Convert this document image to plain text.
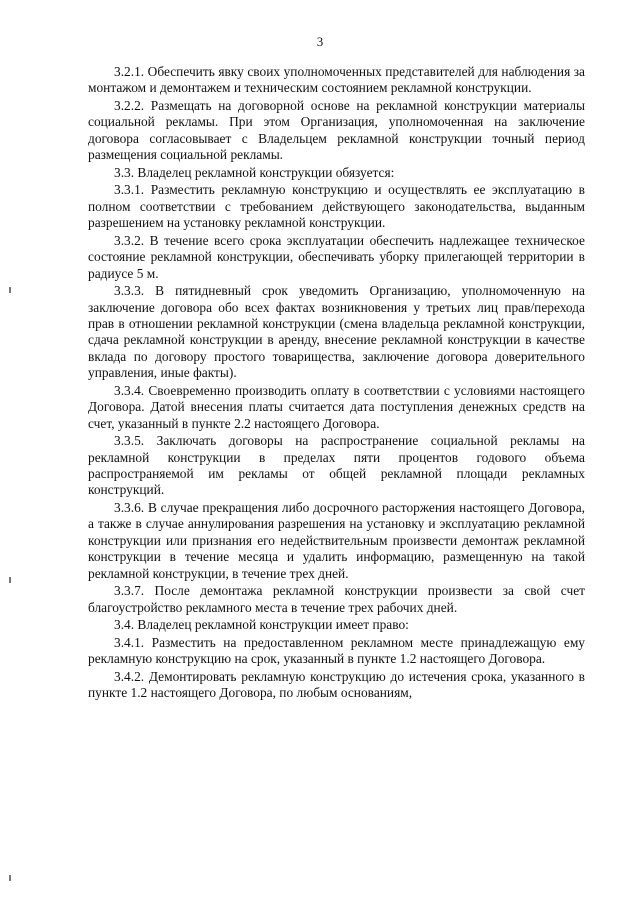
3

3.2.1. Обеспечить явку своих уполномоченных представителей для наблюдения за монтажом и демонтажем и техническим состоянием рекламной конструкции.

3.2.2. Размещать на договорной основе на рекламной конструкции материалы социальной рекламы. При этом Организация, уполномоченная на заключение договора согласовывает с Владельцем рекламной конструкции точный период размещения социальной рекламы.

3.3. Владелец рекламной конструкции обязуется:

3.3.1. Разместить рекламную конструкцию и осуществлять ее эксплуатацию в полном соответствии с требованием действующего законодательства, выданным разрешением на установку рекламной конструкции.

3.3.2. В течение всего срока эксплуатации обеспечить надлежащее техническое состояние рекламной конструкции, обеспечивать уборку прилегающей территории в радиусе 5 м.

3.3.3. В пятидневный срок уведомить Организацию, уполномоченную на заключение договора обо всех фактах возникновения у третьих лиц прав/перехода прав в отношении рекламной конструкции (смена владельца рекламной конструкции, сдача рекламной конструкции в аренду, внесение рекламной конструкции в качестве вклада по договору простого товарищества, заключение договора доверительного управления, иные факты).

3.3.4. Своевременно производить оплату в соответствии с условиями настоящего Договора. Датой внесения платы считается дата поступления денежных средств на счет, указанный в пункте 2.2 настоящего Договора.

3.3.5. Заключать договоры на распространение социальной рекламы на рекламной конструкции в пределах пяти процентов годового объема распространяемой им рекламы от общей рекламной площади рекламных конструкций.

3.3.6. В случае прекращения либо досрочного расторжения настоящего Договора, а также в случае аннулирования разрешения на установку и эксплуатацию рекламной конструкции или признания его недействительным произвести демонтаж рекламной конструкции в течение месяца и удалить информацию, размещенную на такой рекламной конструкции, в течение трех дней.

3.3.7. После демонтажа рекламной конструкции произвести за свой счет благоустройство рекламного места в течение трех рабочих дней.

3.4. Владелец рекламной конструкции имеет право:

3.4.1. Разместить на предоставленном рекламном месте принадлежащую ему рекламную конструкцию на срок, указанный в пункте 1.2 настоящего Договора.

3.4.2. Демонтировать рекламную конструкцию до истечения срока, указанного в пункте 1.2 настоящего Договора, по любым основаниям,
